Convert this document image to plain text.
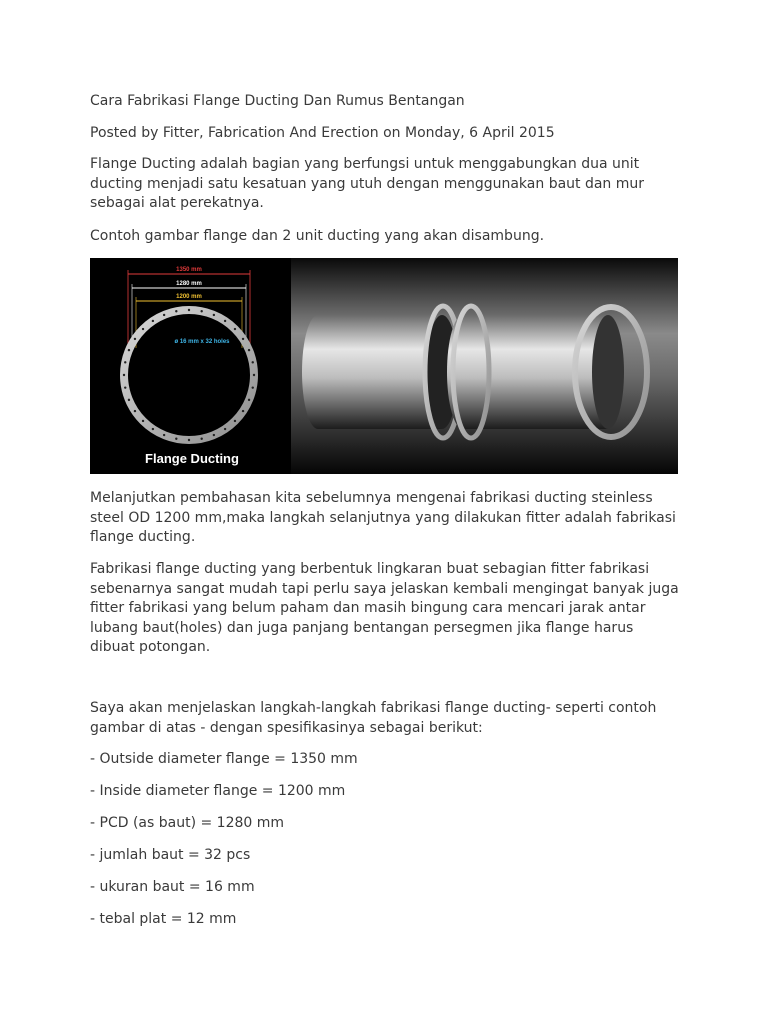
Cara Fabrikasi Flange Ducting Dan Rumus Bentangan

Posted by Fitter, Fabrication And Erection on Monday, 6 April 2015

Flange Ducting adalah bagian yang berfungsi untuk menggabungkan dua unit ducting menjadi satu kesatuan yang utuh dengan menggunakan baut dan mur sebagai alat perekatnya.

Contoh gambar flange dan 2 unit ducting yang akan disambung.

1350 mm
1280 mm
1200 mm
ø 16 mm x 32 holes
Flange Ducting

Melanjutkan pembahasan kita sebelumnya mengenai fabrikasi ducting steinless steel OD 1200 mm,maka langkah selanjutnya yang dilakukan fitter adalah fabrikasi flange ducting.

Fabrikasi flange ducting yang berbentuk lingkaran buat sebagian fitter fabrikasi sebenarnya sangat mudah tapi perlu saya jelaskan kembali mengingat banyak juga fitter fabrikasi yang belum paham dan masih bingung cara mencari jarak antar lubang baut(holes) dan juga panjang bentangan persegmen jika flange harus dibuat potongan.

Saya akan menjelaskan langkah-langkah fabrikasi flange ducting- seperti contoh gambar di atas - dengan spesifikasinya sebagai berikut:

- Outside diameter flange = 1350 mm

- Inside diameter flange = 1200 mm

- PCD (as baut) = 1280 mm

- jumlah baut = 32 pcs

- ukuran baut = 16 mm

- tebal plat = 12 mm
